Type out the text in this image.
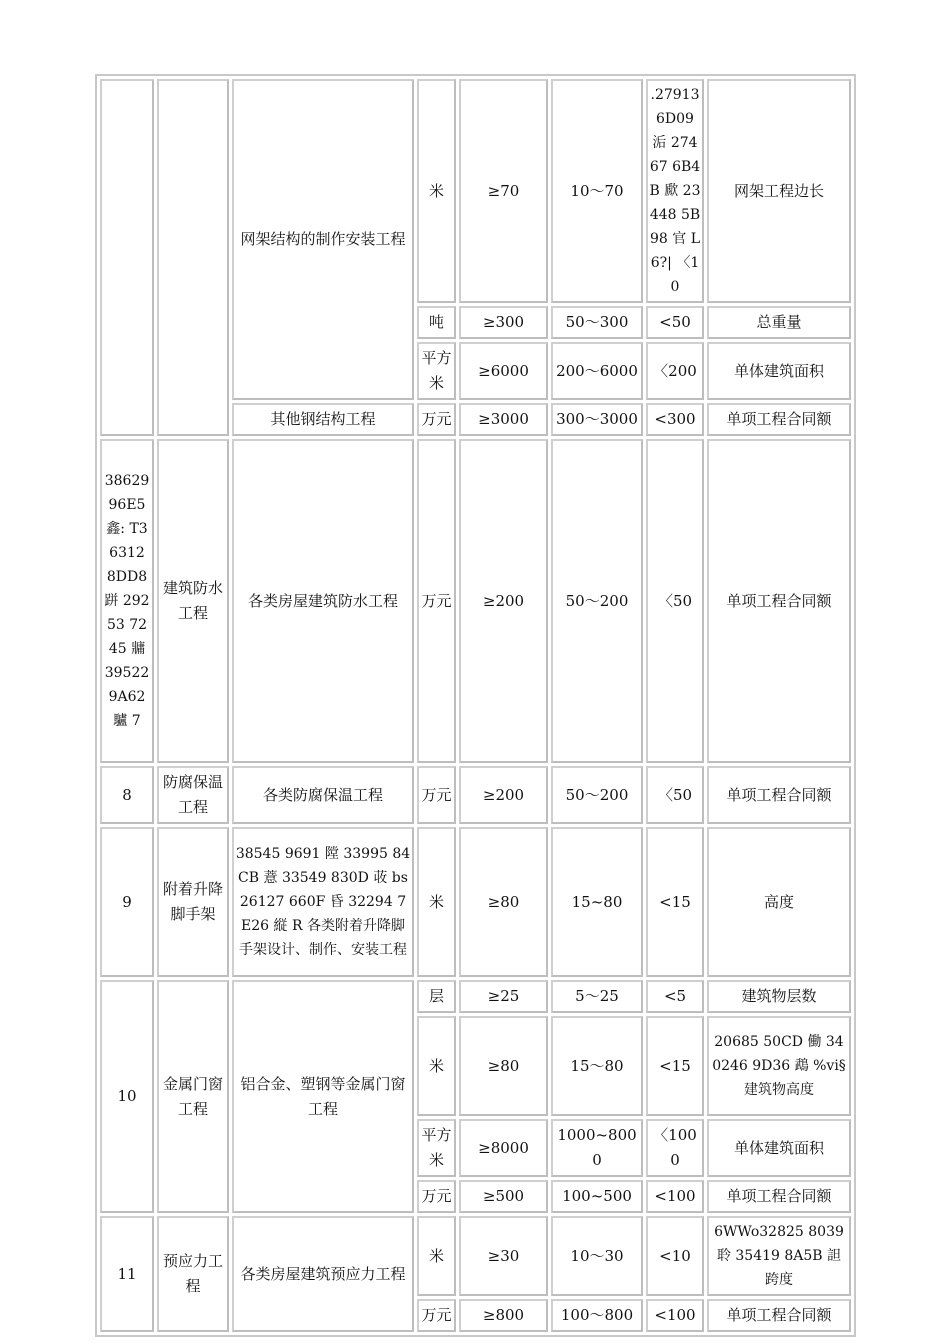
		网架结构的制作安装工程	米	≥70	10～70	.27913 6D09 洉 27467 6B4B 歋 23448 5B98 官 L6?| 〈10	网架工程边长
			吨	≥300	50～300	<50	总重量
			平方米	≥6000	200～6000	〈200	单体建筑面积
		其他钢结构工程	万元	≥3000	300～3000	<300	单项工程合同额
38629 96E5 鑫: T36312 8DD8 跰 29253 7245 牅 39522 9A62 驢 7	建筑防水工程	各类房屋建筑防水工程	万元	≥200	50～200	〈50	单项工程合同额
8	防腐保温工程	各类防腐保温工程	万元	≥200	50～200	〈50	单项工程合同额
9	附着升降脚手架	38545 9691 隚 33995 84CB 薏 33549 830D 荍 bs26127 660F 昏 32294 7E26 縦 R 各类附着升降脚手架设计、制作、安装工程	米	≥80	15~80	<15	高度
10	金属门窗工程	铝合金、塑钢等金属门窗工程	层	≥25	5～25	<5	建筑物层数
			米	≥80	15～80	<15	20685 50CD 働 340246 9D36 鵡 %vi§ 建筑物高度
			平方米	≥8000	1000~8000	〈1000	单体建筑面积
			万元	≥500	100~500	<100	单项工程合同额
11	预应力工程	各类房屋建筑预应力工程	米	≥30	10～30	<10	6WWo32825 8039 聆 35419 8A5B 詚 跨度
			万元	≥800	100～800	<100	单项工程合同额
